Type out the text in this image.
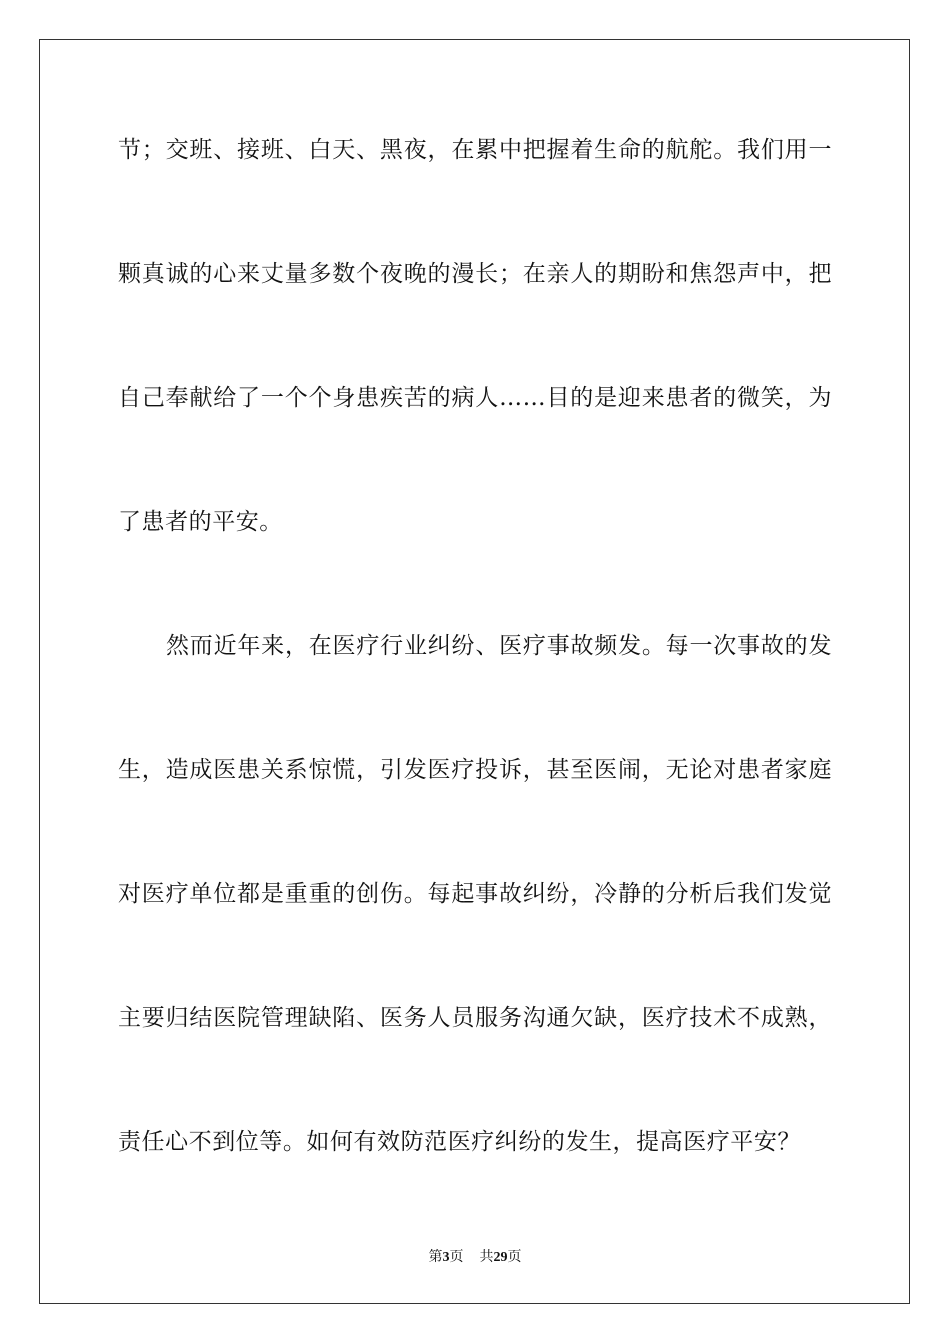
节；交班、接班、白天、黑夜，在累中把握着生命的航舵。我们用一
颗真诚的心来丈量多数个夜晚的漫长；在亲人的期盼和焦怨声中，把
自己奉献给了一个个身患疾苦的病人……目的是迎来患者的微笑，为
了患者的平安。
然而近年来，在医疗行业纠纷、医疗事故频发。每一次事故的发
生，造成医患关系惊慌，引发医疗投诉，甚至医闹，无论对患者家庭
对医疗单位都是重重的创伤。每起事故纠纷，冷静的分析后我们发觉
主要归结医院管理缺陷、医务人员服务沟通欠缺，医疗技术不成熟，
责任心不到位等。如何有效防范医疗纠纷的发生，提高医疗平安？
第3页 共29页
